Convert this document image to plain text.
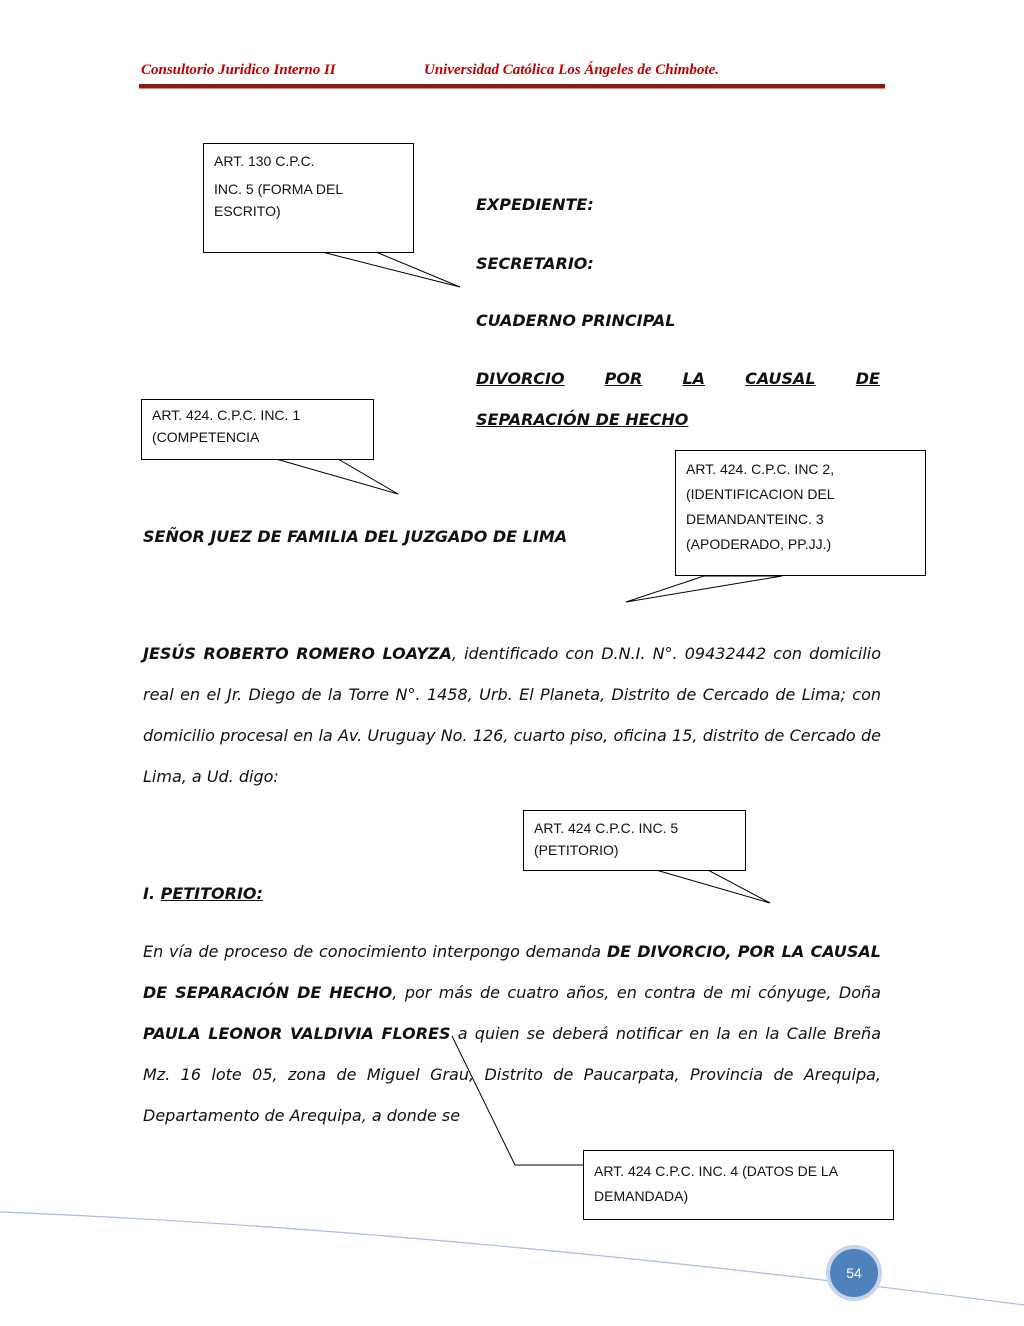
Consultorio Juridico Interno II	Universidad Católica Los Ángeles de Chimbote.

ART. 130 C.P.C.

INC. 5 (FORMA DEL

ESCRITO)	EXPEDIENTE:
SECRETARIO:
CUADERNO PRINCIPAL
DIVORCIO	POR	LA	CAUSAL	DE
SEPARACIÓN DE HECHO

ART. 424. C.P.C. INC. 1

(COMPETENCIA

ART. 424. C.P.C. INC 2,

(IDENTIFICACION DEL

DEMANDANTEINC. 3

(APODERADO, PP.JJ.)

SEÑOR JUEZ DE FAMILIA DEL JUZGADO DE LIMA
JESÚS ROBERTO ROMERO LOAYZA, identificado con D.N.I. N°. 09432442 con domicilio real en el Jr. Diego de la Torre N°. 1458, Urb. El Planeta, Distrito de Cercado de Lima; con domicilio procesal en la Av. Uruguay No. 126, cuarto piso, oficina 15, distrito de Cercado de Lima, a Ud. digo:

ART. 424 C.P.C. INC. 5

(PETITORIO)

I. PETITORIO:
En vía de proceso de conocimiento interpongo demanda DE DIVORCIO, POR LA CAUSAL DE SEPARACIÓN DE HECHO, por más de cuatro años, en contra de mi cónyuge, Doña PAULA LEONOR VALDIVIA FLORES a quien se deberá notificar en la en la Calle Breña Mz. 16 lote 05, zona de Miguel Grau, Distrito de Paucarpata, Provincia de Arequipa, Departamento de Arequipa, a donde se

ART. 424 C.P.C. INC. 4 (DATOS DE LA

DEMANDADA)

54
